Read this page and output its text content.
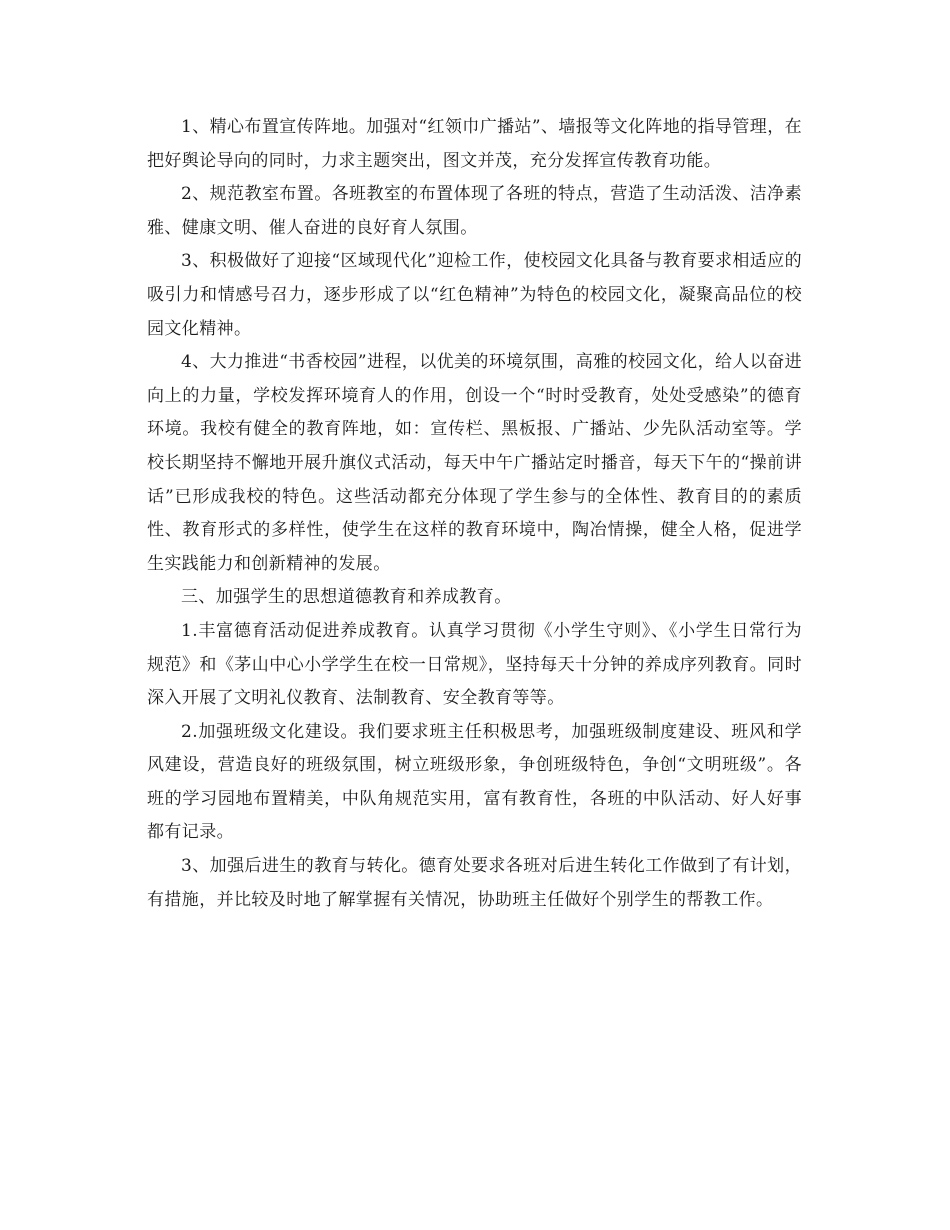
1、精心布置宣传阵地。加强对“红领巾广播站”、墙报等文化阵地的指导管理，在把好舆论导向的同时，力求主题突出，图文并茂，充分发挥宣传教育功能。

2、规范教室布置。各班教室的布置体现了各班的特点，营造了生动活泼、洁净素雅、健康文明、催人奋进的良好育人氛围。

3、积极做好了迎接“区域现代化”迎检工作，使校园文化具备与教育要求相适应的吸引力和情感号召力，逐步形成了以“红色精神”为特色的校园文化，凝聚高品位的校园文化精神。

4、大力推进“书香校园”进程，以优美的环境氛围，高雅的校园文化，给人以奋进向上的力量，学校发挥环境育人的作用，创设一个“时时受教育，处处受感染”的德育环境。我校有健全的教育阵地，如：宣传栏、黑板报、广播站、少先队活动室等。学校长期坚持不懈地开展升旗仪式活动，每天中午广播站定时播音，每天下午的“操前讲话”已形成我校的特色。这些活动都充分体现了学生参与的全体性、教育目的的素质性、教育形式的多样性，使学生在这样的教育环境中，陶冶情操，健全人格，促进学生实践能力和创新精神的发展。

三、加强学生的思想道德教育和养成教育。

1.丰富德育活动促进养成教育。认真学习贯彻《小学生守则》、《小学生日常行为规范》和《茅山中心小学学生在校一日常规》，坚持每天十分钟的养成序列教育。同时深入开展了文明礼仪教育、法制教育、安全教育等等。

2.加强班级文化建设。我们要求班主任积极思考，加强班级制度建设、班风和学风建设，营造良好的班级氛围，树立班级形象，争创班级特色，争创“文明班级”。各班的学习园地布置精美，中队角规范实用，富有教育性，各班的中队活动、好人好事都有记录。

3、加强后进生的教育与转化。德育处要求各班对后进生转化工作做到了有计划，有措施，并比较及时地了解掌握有关情况，协助班主任做好个别学生的帮教工作。
